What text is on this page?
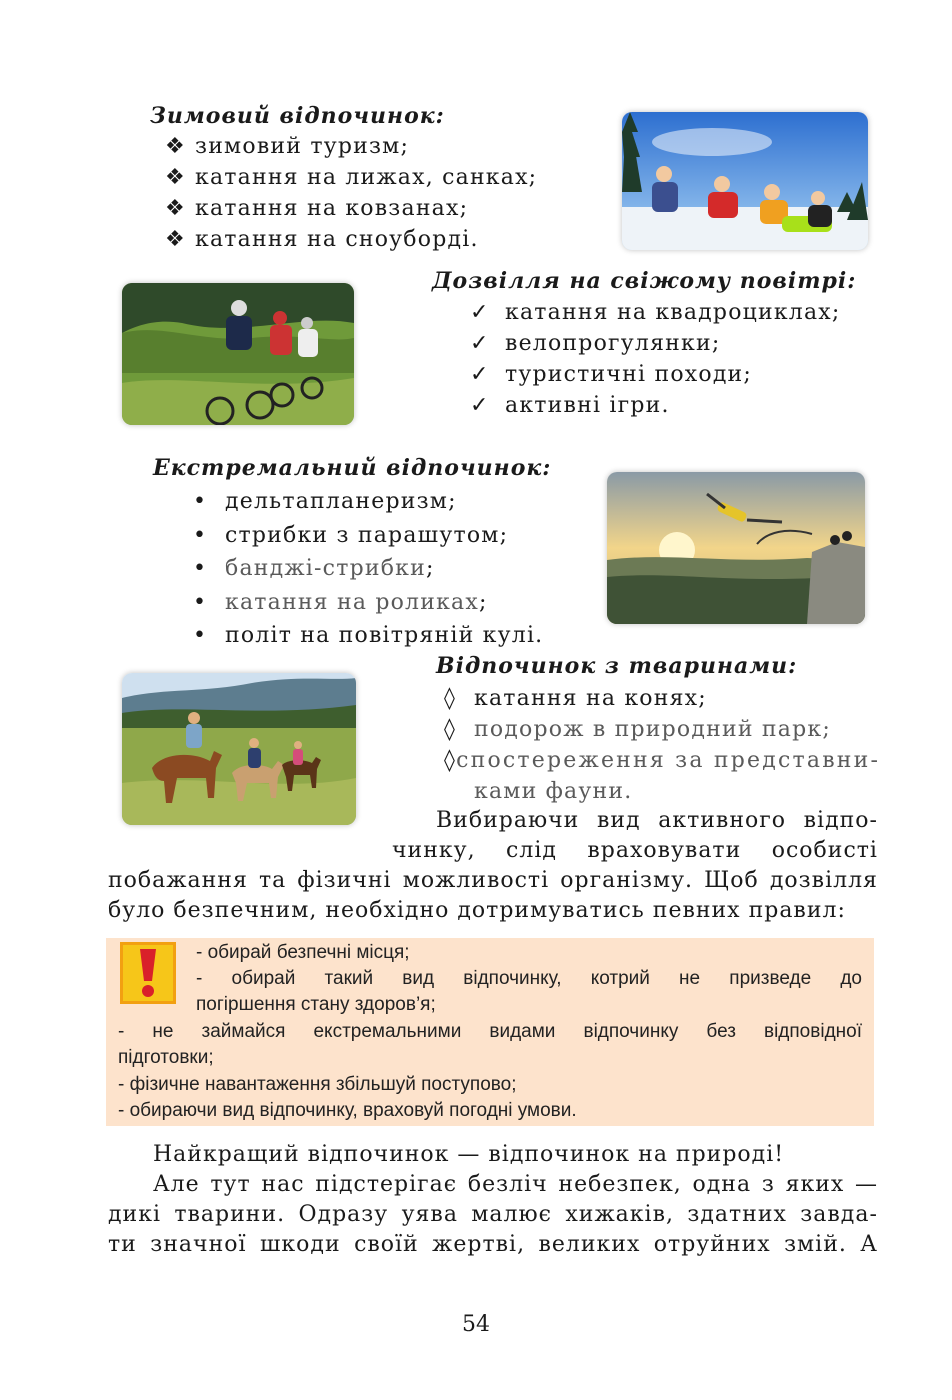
Зимовий відпочинок:
❖ зимовий туризм;
❖ катання на лижах, санках;
❖ катання на ковзанах;
❖ катання на сноуборді.
Дозвілля на свіжому повітрі:
✓ катання на квадроциклах;
✓ велопрогулянки;
✓ туристичні походи;
✓ активні ігри.
Екстремальний відпочинок:
• дельтапланеризм;
• стрибки з парашутом;
• банджі-стрибки ;
• катання на роликах ;
• політ на повітряній кулі.
Відпочинок з тваринами:
◊ катання на конях;
◊ подорож в природний парк;
◊ спостереження за представни-
ками фауни.
Вибираючи вид активного відпо-
чинку, слід враховувати особисті
побажання та фізичні можливості організму. Щоб дозвілля
було безпечним, необхідно дотримуватись певних правил:
- обирай безпечні місця;
- обирай такий вид відпочинку, котрий не призведе до
погіршення стану здоров’я;
- не займайся екстремальними видами відпочинку без відповідної
підготовки;
- фізичне навантаження збільшуй поступово;
- обираючи вид відпочинку, враховуй погодні умови.
Найкращий відпочинок — відпочинок на природі!
Але тут нас підстерігає безліч небезпек, одна з яких —
дикі тварини. Одразу уява малює хижаків, здатних завда-
ти значної шкоди своїй жертві, великих отруйних змій. А
54
